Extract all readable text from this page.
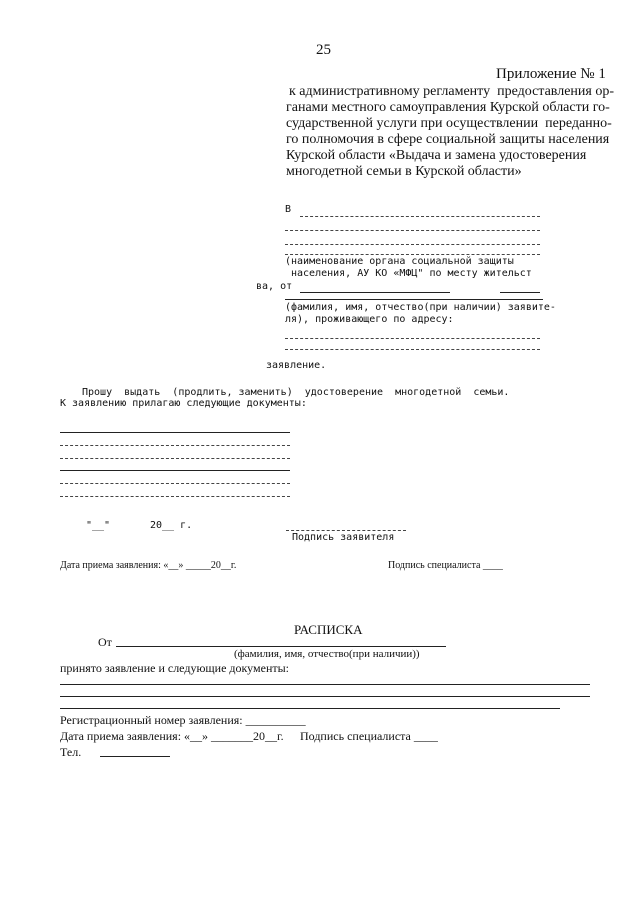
25
Приложение № 1
к административному регламенту  предоставления ор-
ганами местного самоуправления Курской области го-
сударственной услуги при осуществлении  переданно-
го полномочия в сфере социальной защиты населения
Курской области «Выдача и замена удостоверения
многодетной семьи в Курской области»
В
(наименование органа социальной защиты
населения, АУ КО «МФЦ" по месту жительст
ва, от
(фамилия, имя, отчество(при наличии) заявите-
ля), проживающего по адресу:
заявление.
Прошу  выдать  (продлить, заменить)  удостоверение  многодетной  семьи.
К заявлению прилагаю следующие документы:
"__"	20__ г.
Подпись заявителя
Дата приема заявления: «__» _____20__г.	Подпись специалиста ____
РАСПИСКА
От
(фамилия, имя, отчество(при наличии))
принято заявление и следующие документы:
Регистрационный номер заявления: __________
Дата приема заявления: «__» _______20__г. Подпись специалиста ____
Тел.
